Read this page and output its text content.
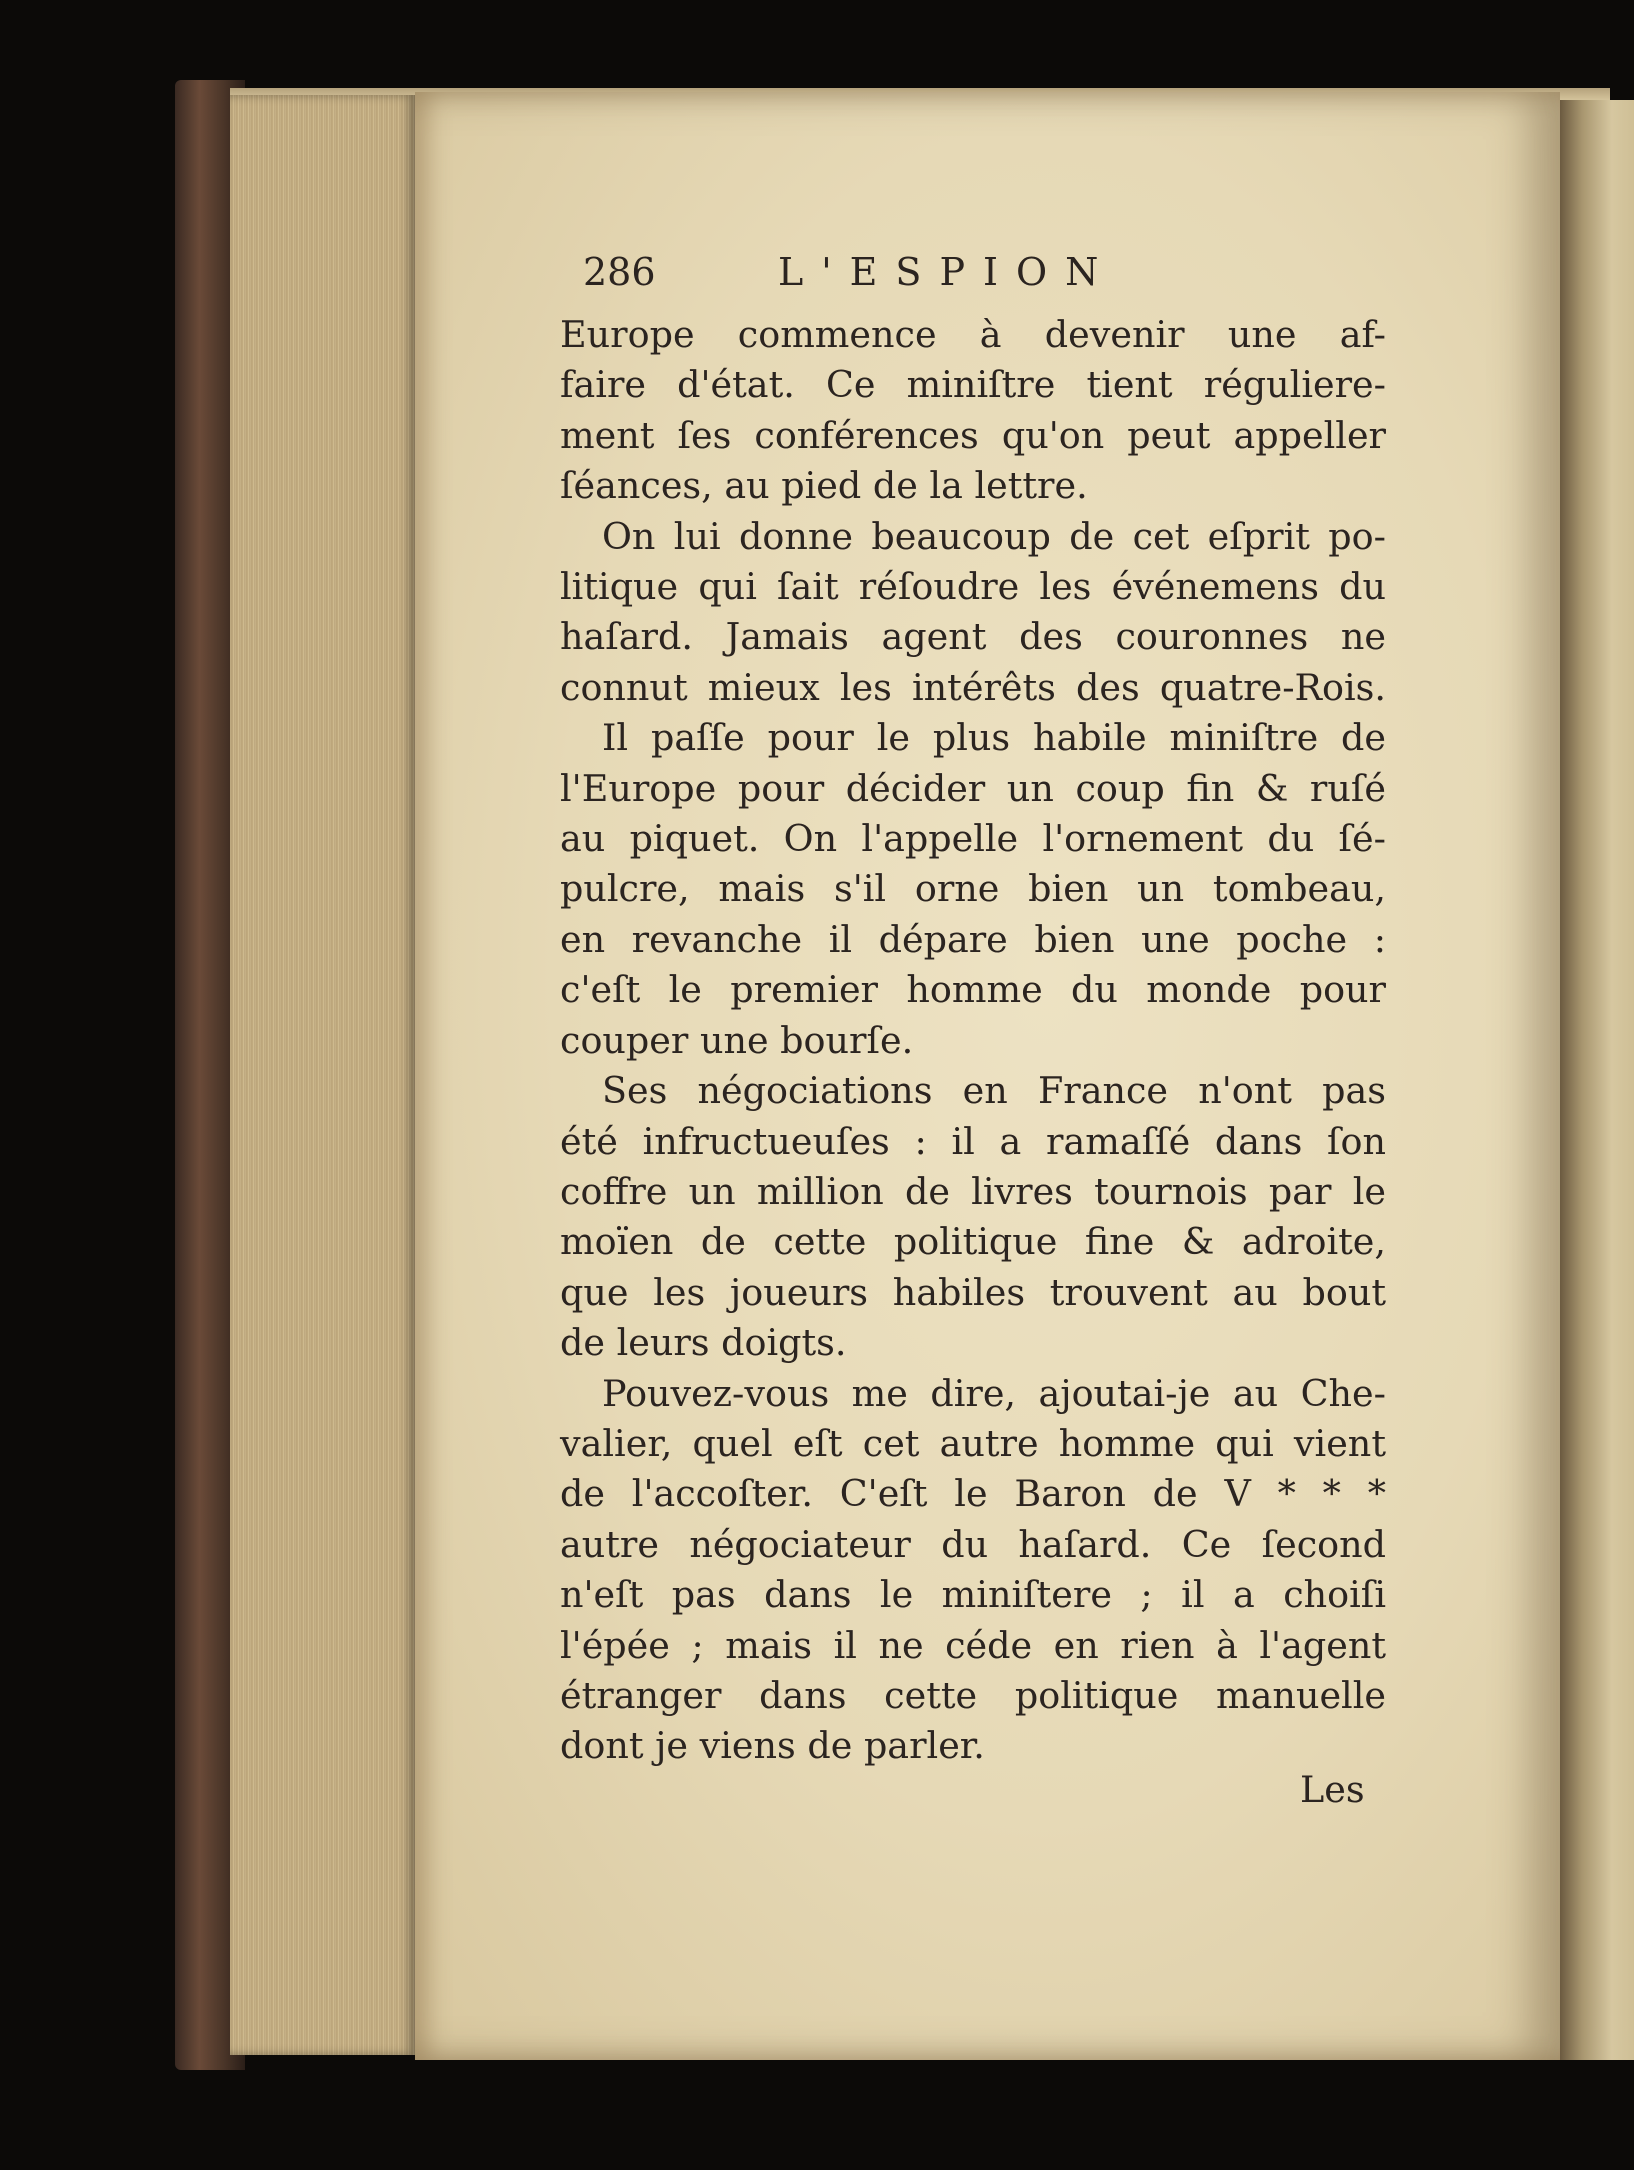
286	L'ESPION
Europe commence à devenir une af-
faire d'état. Ce miniſtre tient réguliere-
ment ſes conférences qu'on peut appeller
ſéances, au pied de la lettre.
On lui donne beaucoup de cet eſprit po-
litique qui ſait réſoudre les événemens du
haſard. Jamais agent des couronnes ne
connut mieux les intérêts des quatre-Rois.
Il paſſe pour le plus habile miniſtre de
l'Europe pour décider un coup fin & ruſé
au piquet. On l'appelle l'ornement du ſé-
pulcre, mais s'il orne bien un tombeau,
en revanche il dépare bien une poche :
c'eſt le premier homme du monde pour
couper une bourſe.
Ses négociations en France n'ont pas
été infructueuſes : il a ramaſſé dans ſon
coffre un million de livres tournois par le
moïen de cette politique fine & adroite,
que les joueurs habiles trouvent au bout
de leurs doigts.
Pouvez-vous me dire, ajoutai-je au Che-
valier, quel eſt cet autre homme qui vient
de l'accoſter. C'eſt le Baron de V * * *
autre négociateur du haſard. Ce ſecond
n'eſt pas dans le miniſtere ; il a choiſi
l'épée ; mais il ne céde en rien à l'agent
étranger dans cette politique manuelle
dont je viens de parler.
Les
